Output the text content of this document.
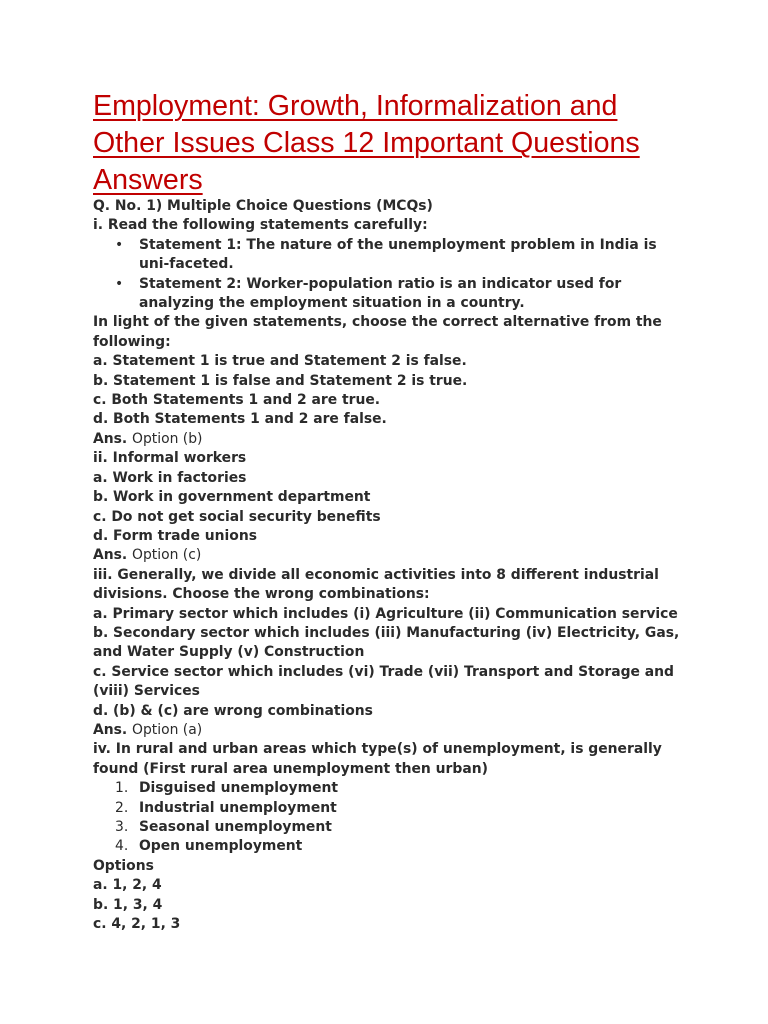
Employment: Growth, Informalization and Other Issues Class 12 Important Questions Answers

Q. No. 1) Multiple Choice Questions (MCQs)

i. Read the following statements carefully:

• Statement 1: The nature of the unemployment problem in India is uni-faceted.
• Statement 2: Worker-population ratio is an indicator used for analyzing the employment situation in a country.

In light of the given statements, choose the correct alternative from the following:

a. Statement 1 is true and Statement 2 is false.

b. Statement 1 is false and Statement 2 is true.

c. Both Statements 1 and 2 are true.

d. Both Statements 1 and 2 are false.

Ans. Option (b)

ii. Informal workers

a. Work in factories

b. Work in government department

c. Do not get social security benefits

d. Form trade unions

Ans. Option (c)

iii. Generally, we divide all economic activities into 8 different industrial divisions. Choose the wrong combinations:

a. Primary sector which includes (i) Agriculture (ii) Communication service

b. Secondary sector which includes (iii) Manufacturing (iv) Electricity, Gas, and Water Supply (v) Construction

c. Service sector which includes (vi) Trade (vii) Transport and Storage and (viii) Services

d. (b) & (c) are wrong combinations

Ans. Option (a)

iv. In rural and urban areas which type(s) of unemployment, is generally found (First rural area unemployment then urban)

1. Disguised unemployment
2. Industrial unemployment
3. Seasonal unemployment
4. Open unemployment

Options

a. 1, 2, 4

b. 1, 3, 4

c. 4, 2, 1, 3
